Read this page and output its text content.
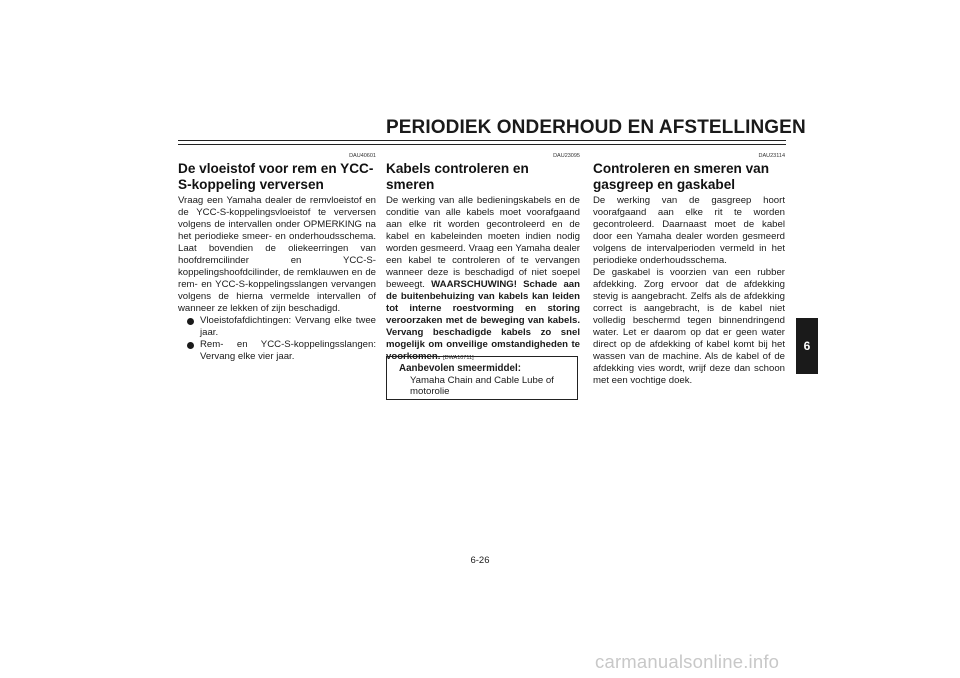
PERIODIEK ONDERHOUD EN AFSTELLINGEN
DAU40601
De vloeistof voor rem en YCC-S-koppeling verversen

Vraag een Yamaha dealer de remvloeistof en de YCC-S-koppelingsvloeistof te verversen volgens de intervallen onder OPMERKING na het periodieke smeer- en onderhoudsschema. Laat bovendien de oliekeerringen van hoofdremcilinder en YCC-S-koppelingshoofdcilinder, de remklauwen en de rem- en YCC-S-koppelingsslangen vervangen volgens de hierna vermelde intervallen of wanneer ze lekken of zijn beschadigd.

Vloeistofafdichtingen: Vervang elke twee jaar.
Rem- en YCC-S-koppelingsslangen: Vervang elke vier jaar.
DAU23095
Kabels controleren en smeren

De werking van alle bedieningskabels en de conditie van alle kabels moet voorafgaand aan elke rit worden gecontroleerd en de kabel en kabeleinden moeten indien nodig worden gesmeerd. Vraag een Yamaha dealer een kabel te controleren of te vervangen wanneer deze is beschadigd of niet soepel beweegt. WAARSCHUWING! Schade aan de buitenbehuizing van kabels kan leiden tot interne roestvorming en storing veroorzaken met de beweging van kabels. Vervang beschadigde kabels zo snel mogelijk om onveilige omstandigheden te voorkomen. [DWA10711]

Aanbevolen smeermiddel:
Yamaha Chain and Cable Lube of motorolie
DAU23114
Controleren en smeren van gasgreep en gaskabel

De werking van de gasgreep hoort voorafgaand aan elke rit te worden gecontroleerd. Daarnaast moet de kabel door een Yamaha dealer worden gesmeerd volgens de intervalperioden vermeld in het periodieke onderhoudsschema.

De gaskabel is voorzien van een rubber afdekking. Zorg ervoor dat de afdekking stevig is aangebracht. Zelfs als de afdekking correct is aangebracht, is de kabel niet volledig beschermd tegen binnendringend water. Let er daarom op dat er geen water direct op de afdekking of kabel komt bij het wassen van de machine. Als de kabel of de afdekking vies wordt, wrijf deze dan schoon met een vochtige doek.

6
6-26
carmanualsonline.info
